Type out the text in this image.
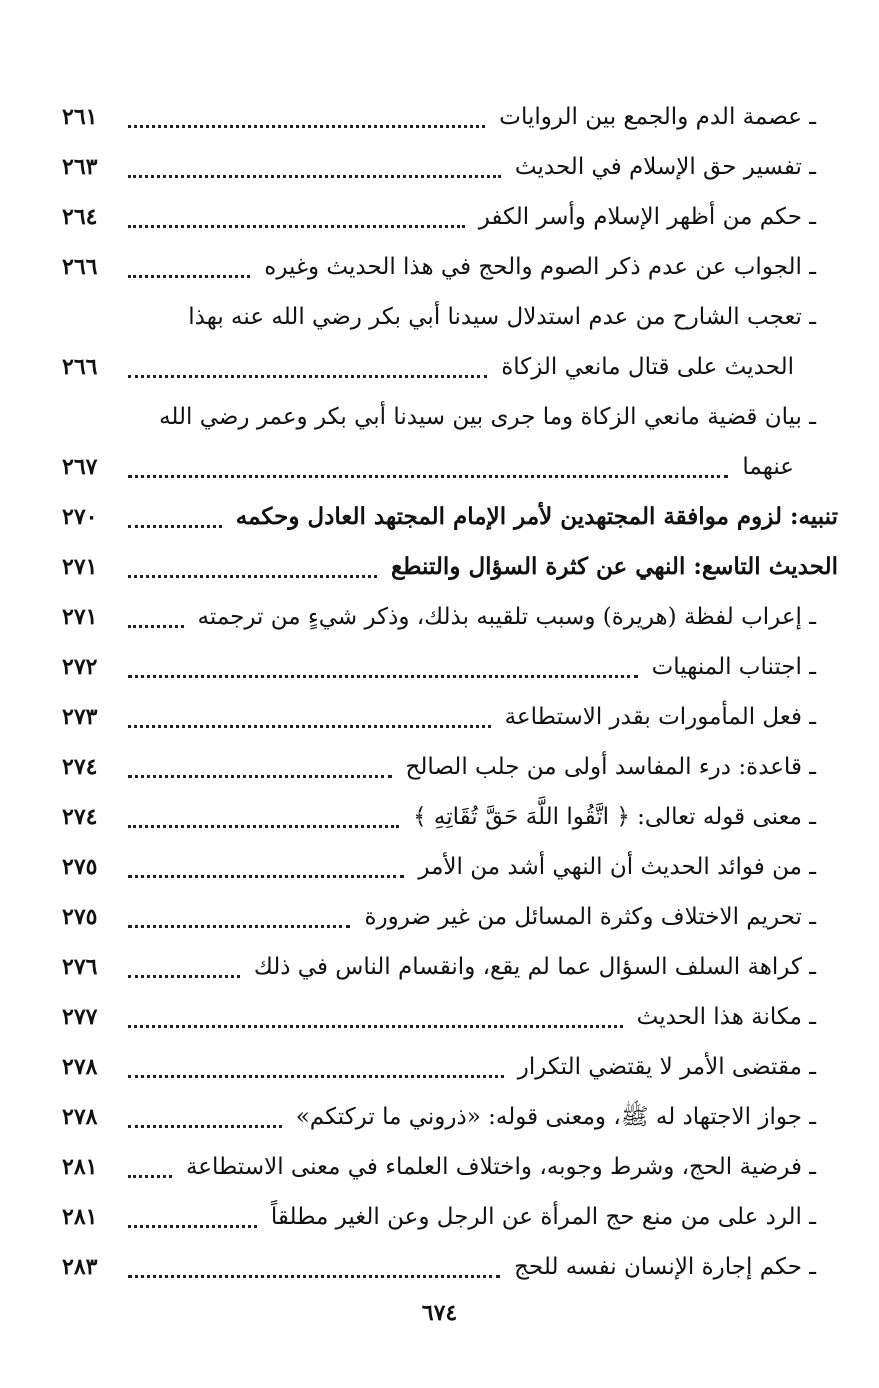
ـ عصمة الدم والجمع بين الروايات
٢٦١
ـ تفسير حق الإسلام في الحديث
٢٦٣
ـ حكم من أظهر الإسلام وأسر الكفر
٢٦٤
ـ الجواب عن عدم ذكر الصوم والحج في هذا الحديث وغيره
٢٦٦
ـ تعجب الشارح من عدم استدلال سيدنا أبي بكر رضي الله عنه بهذا
الحديث على قتال مانعي الزكاة
٢٦٦
ـ بيان قضية مانعي الزكاة وما جرى بين سيدنا أبي بكر وعمر رضي الله
عنهما
٢٦٧
تنبيه: لزوم موافقة المجتهدين لأمر الإمام المجتهد العادل وحكمه
٢٧٠
الحديث التاسع: النهي عن كثرة السؤال والتنطع
٢٧١
ـ إعراب لفظة (هريرة) وسبب تلقيبه بذلك، وذكر شيءٍ من ترجمته
٢٧١
ـ اجتناب المنهيات
٢٧٢
ـ فعل المأمورات بقدر الاستطاعة
٢٧٣
ـ قاعدة: درء المفاسد أولى من جلب الصالح
٢٧٤
ـ معنى قوله تعالى: ﴿ اتَّقُوا اللَّهَ حَقَّ تُقَاتِهِ ﴾
٢٧٤
ـ من فوائد الحديث أن النهي أشد من الأمر
٢٧٥
ـ تحريم الاختلاف وكثرة المسائل من غير ضرورة
٢٧٥
ـ كراهة السلف السؤال عما لم يقع، وانقسام الناس في ذلك
٢٧٦
ـ مكانة هذا الحديث
٢٧٧
ـ مقتضى الأمر لا يقتضي التكرار
٢٧٨
ـ جواز الاجتهاد له ﷺ، ومعنى قوله: «ذروني ما تركتكم»
٢٧٨
ـ فرضية الحج، وشرط وجوبه، واختلاف العلماء في معنى الاستطاعة
٢٨١
ـ الرد على من منع حج المرأة عن الرجل وعن الغير مطلقاً
٢٨١
ـ حكم إجارة الإنسان نفسه للحج
٢٨٣
٦٧٤
